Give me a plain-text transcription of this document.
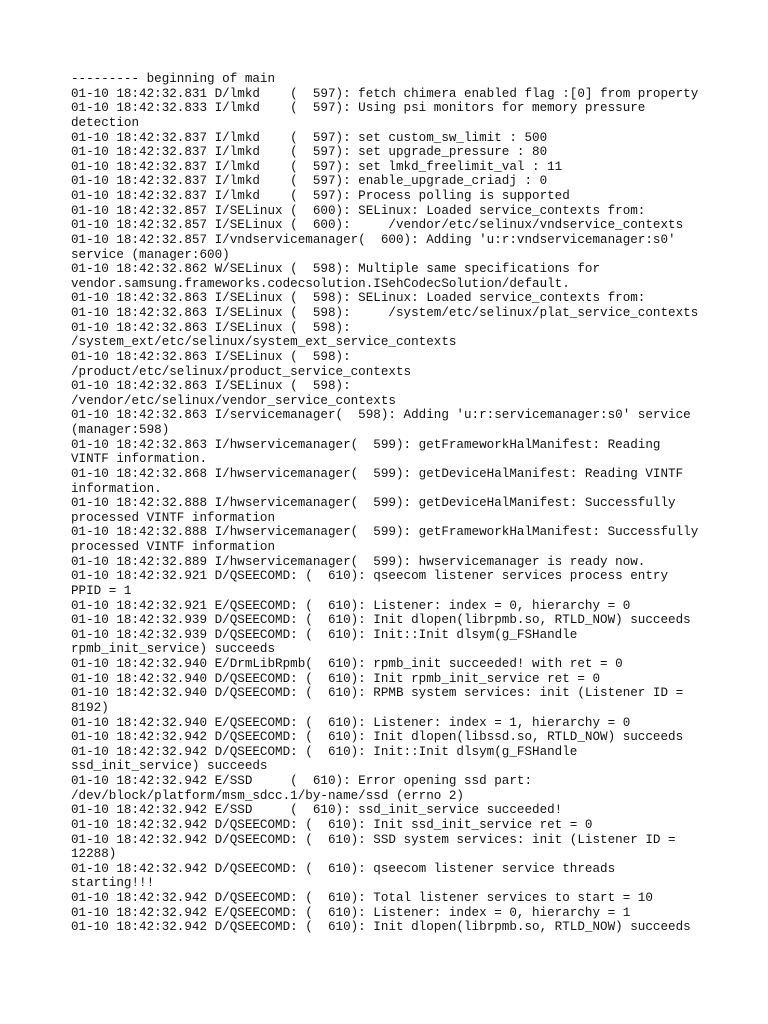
--------- beginning of main
01-10 18:42:32.831 D/lmkd    (  597): fetch chimera enabled flag :[0] from property
01-10 18:42:32.833 I/lmkd    (  597): Using psi monitors for memory pressure
detection
01-10 18:42:32.837 I/lmkd    (  597): set custom_sw_limit : 500
01-10 18:42:32.837 I/lmkd    (  597): set upgrade_pressure : 80
01-10 18:42:32.837 I/lmkd    (  597): set lmkd_freelimit_val : 11
01-10 18:42:32.837 I/lmkd    (  597): enable_upgrade_criadj : 0
01-10 18:42:32.837 I/lmkd    (  597): Process polling is supported
01-10 18:42:32.857 I/SELinux (  600): SELinux: Loaded service_contexts from:
01-10 18:42:32.857 I/SELinux (  600):     /vendor/etc/selinux/vndservice_contexts
01-10 18:42:32.857 I/vndservicemanager(  600): Adding 'u:r:vndservicemanager:s0'
service (manager:600)
01-10 18:42:32.862 W/SELinux (  598): Multiple same specifications for
vendor.samsung.frameworks.codecsolution.ISehCodecSolution/default.
01-10 18:42:32.863 I/SELinux (  598): SELinux: Loaded service_contexts from:
01-10 18:42:32.863 I/SELinux (  598):     /system/etc/selinux/plat_service_contexts
01-10 18:42:32.863 I/SELinux (  598):
/system_ext/etc/selinux/system_ext_service_contexts
01-10 18:42:32.863 I/SELinux (  598):
/product/etc/selinux/product_service_contexts
01-10 18:42:32.863 I/SELinux (  598):
/vendor/etc/selinux/vendor_service_contexts
01-10 18:42:32.863 I/servicemanager(  598): Adding 'u:r:servicemanager:s0' service
(manager:598)
01-10 18:42:32.863 I/hwservicemanager(  599): getFrameworkHalManifest: Reading
VINTF information.
01-10 18:42:32.868 I/hwservicemanager(  599): getDeviceHalManifest: Reading VINTF
information.
01-10 18:42:32.888 I/hwservicemanager(  599): getDeviceHalManifest: Successfully
processed VINTF information
01-10 18:42:32.888 I/hwservicemanager(  599): getFrameworkHalManifest: Successfully
processed VINTF information
01-10 18:42:32.889 I/hwservicemanager(  599): hwservicemanager is ready now.
01-10 18:42:32.921 D/QSEECOMD: (  610): qseecom listener services process entry
PPID = 1
01-10 18:42:32.921 E/QSEECOMD: (  610): Listener: index = 0, hierarchy = 0
01-10 18:42:32.939 D/QSEECOMD: (  610): Init dlopen(librpmb.so, RTLD_NOW) succeeds
01-10 18:42:32.939 D/QSEECOMD: (  610): Init::Init dlsym(g_FSHandle
rpmb_init_service) succeeds
01-10 18:42:32.940 E/DrmLibRpmb(  610): rpmb_init succeeded! with ret = 0
01-10 18:42:32.940 D/QSEECOMD: (  610): Init rpmb_init_service ret = 0
01-10 18:42:32.940 D/QSEECOMD: (  610): RPMB system services: init (Listener ID =
8192)
01-10 18:42:32.940 E/QSEECOMD: (  610): Listener: index = 1, hierarchy = 0
01-10 18:42:32.942 D/QSEECOMD: (  610): Init dlopen(libssd.so, RTLD_NOW) succeeds
01-10 18:42:32.942 D/QSEECOMD: (  610): Init::Init dlsym(g_FSHandle
ssd_init_service) succeeds
01-10 18:42:32.942 E/SSD     (  610): Error opening ssd part:
/dev/block/platform/msm_sdcc.1/by-name/ssd (errno 2)
01-10 18:42:32.942 E/SSD     (  610): ssd_init_service succeeded!
01-10 18:42:32.942 D/QSEECOMD: (  610): Init ssd_init_service ret = 0
01-10 18:42:32.942 D/QSEECOMD: (  610): SSD system services: init (Listener ID =
12288)
01-10 18:42:32.942 D/QSEECOMD: (  610): qseecom listener service threads
starting!!!
01-10 18:42:32.942 D/QSEECOMD: (  610): Total listener services to start = 10
01-10 18:42:32.942 E/QSEECOMD: (  610): Listener: index = 0, hierarchy = 1
01-10 18:42:32.942 D/QSEECOMD: (  610): Init dlopen(librpmb.so, RTLD_NOW) succeeds
